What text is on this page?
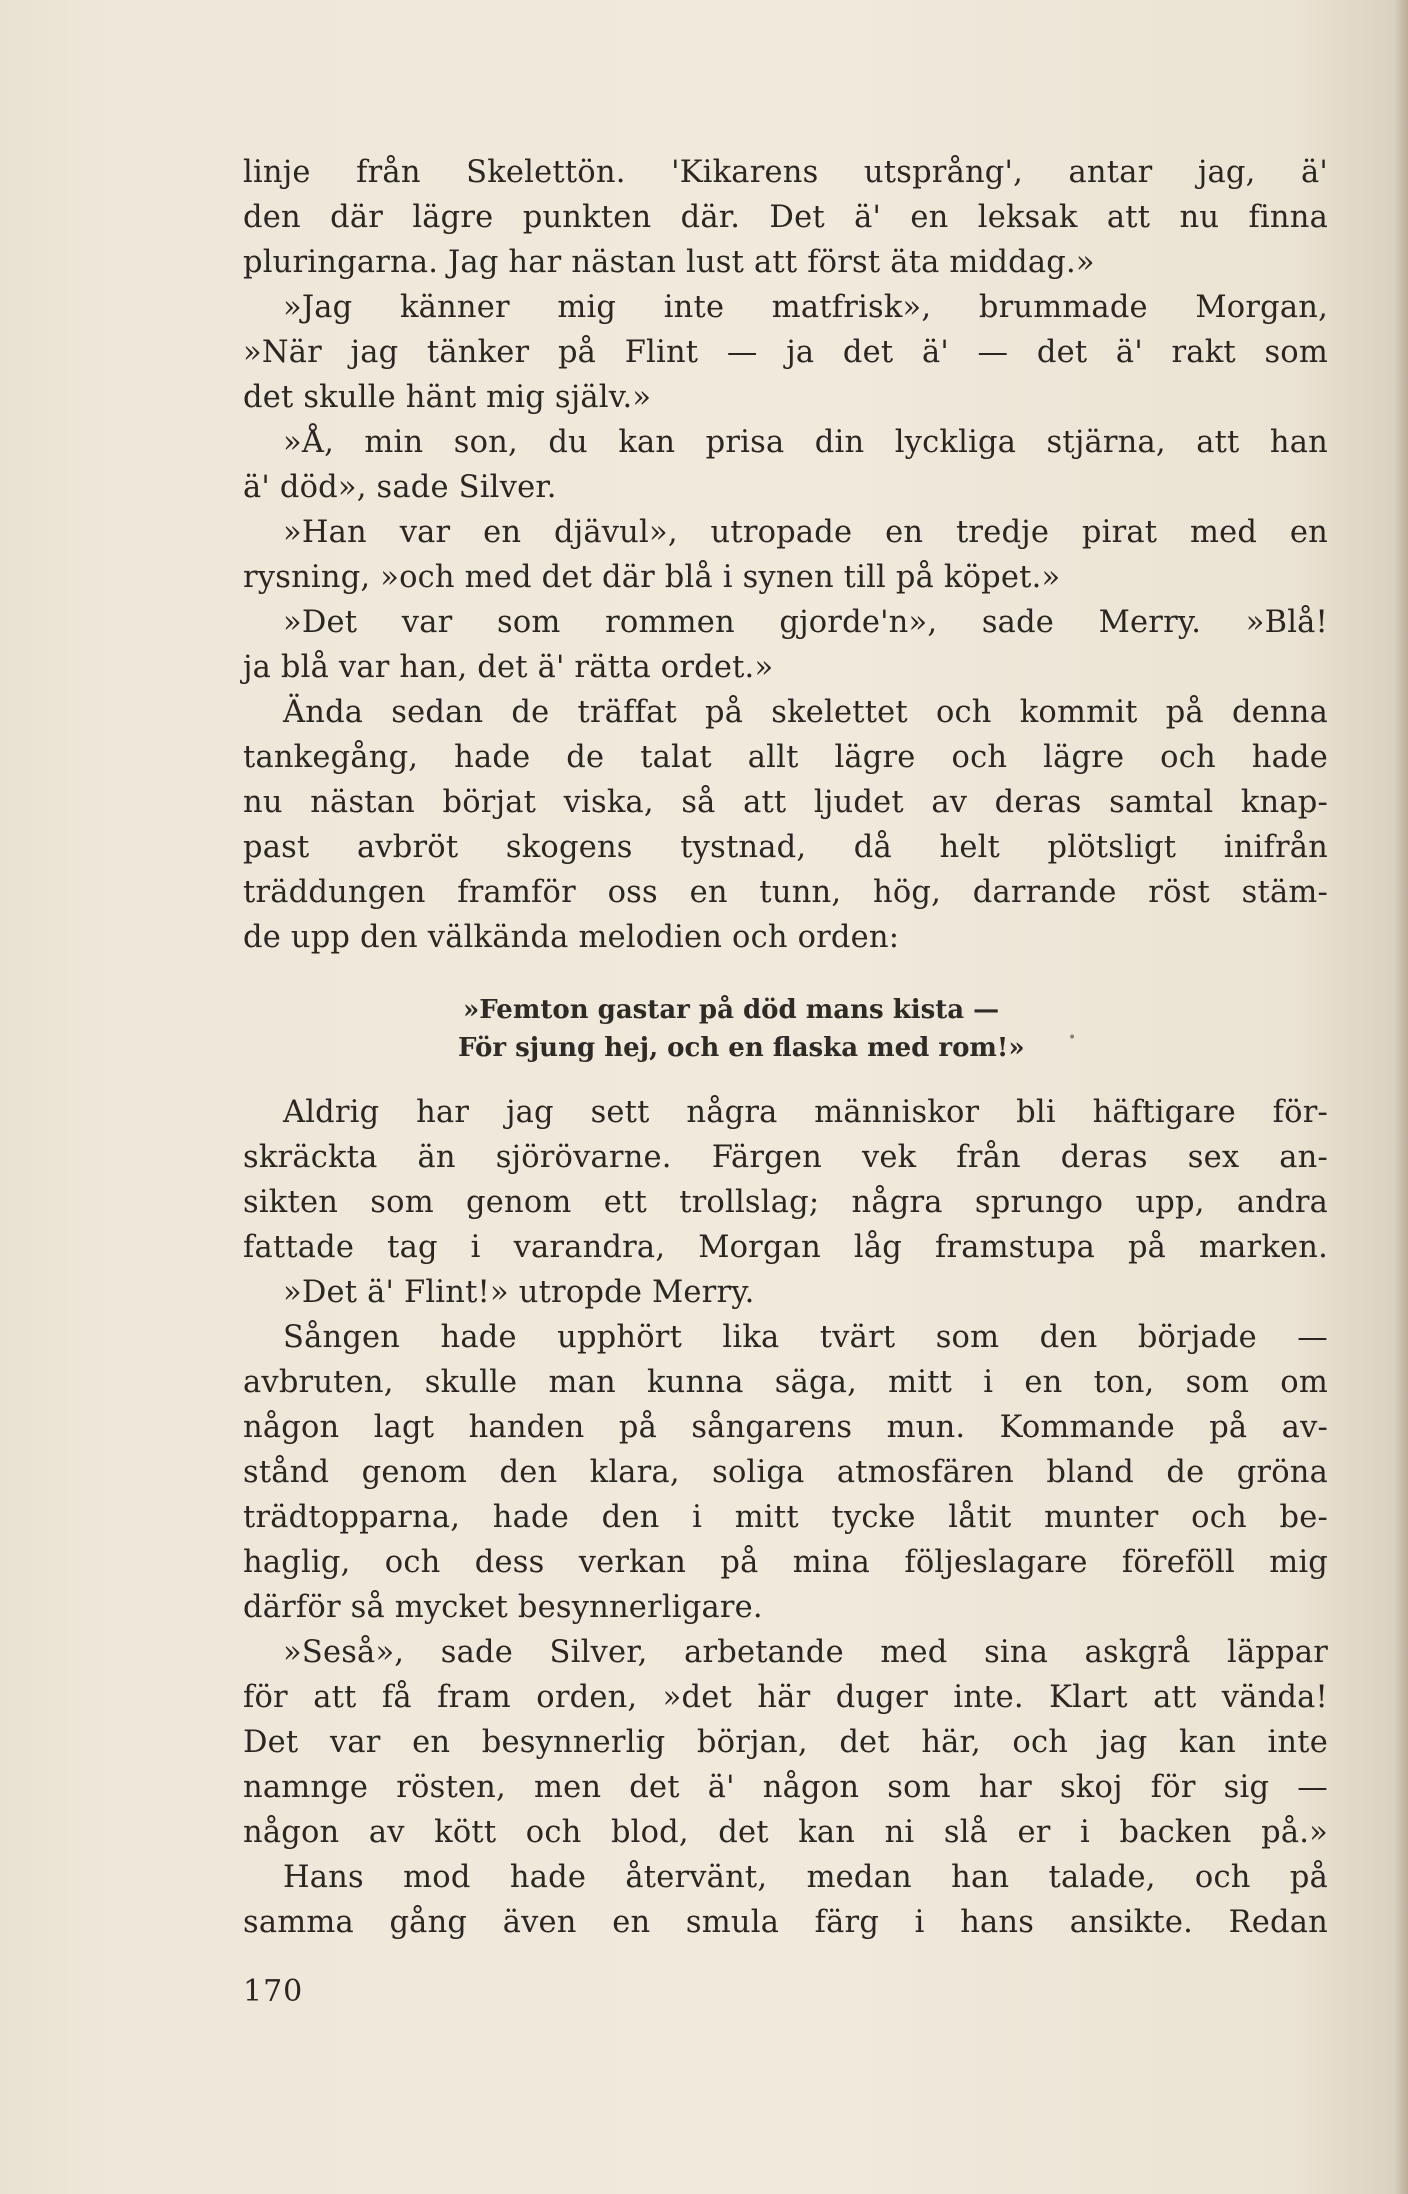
linje från Skelettön. 'Kikarens utsprång', antar jag, ä'
den där lägre punkten där. Det ä' en leksak att nu finna
pluringarna. Jag har nästan lust att först äta middag.»
»Jag känner mig inte matfrisk», brummade Morgan,
»När jag tänker på Flint — ja det ä' — det ä' rakt som
det skulle hänt mig själv.»
»Å, min son, du kan prisa din lyckliga stjärna, att han
ä' död», sade Silver.
»Han var en djävul», utropade en tredje pirat med en
rysning, »och med det där blå i synen till på köpet.»
»Det var som rommen gjorde'n», sade Merry. »Blå!
ja blå var han, det ä' rätta ordet.»
Ända sedan de träffat på skelettet och kommit på denna
tankegång, hade de talat allt lägre och lägre och hade
nu nästan börjat viska, så att ljudet av deras samtal knap-
past avbröt skogens tystnad, då helt plötsligt inifrån
träddungen framför oss en tunn, hög, darrande röst stäm-
de upp den välkända melodien och orden:
»Femton gastar på död mans kista —
För sjung hej, och en flaska med rom!»
Aldrig har jag sett några människor bli häftigare för-
skräckta än sjörövarne. Färgen vek från deras sex an-
sikten som genom ett trollslag; några sprungo upp, andra
fattade tag i varandra, Morgan låg framstupa på marken.
»Det ä' Flint!» utropde Merry.
Sången hade upphört lika tvärt som den började —
avbruten, skulle man kunna säga, mitt i en ton, som om
någon lagt handen på sångarens mun. Kommande på av-
stånd genom den klara, soliga atmosfären bland de gröna
trädtopparna, hade den i mitt tycke låtit munter och be-
haglig, och dess verkan på mina följeslagare föreföll mig
därför så mycket besynnerligare.
»Seså», sade Silver, arbetande med sina askgrå läppar
för att få fram orden, »det här duger inte. Klart att vända!
Det var en besynnerlig början, det här, och jag kan inte
namnge rösten, men det ä' någon som har skoj för sig —
någon av kött och blod, det kan ni slå er i backen på.»
Hans mod hade återvänt, medan han talade, och på
samma gång även en smula färg i hans ansikte. Redan
•
170
